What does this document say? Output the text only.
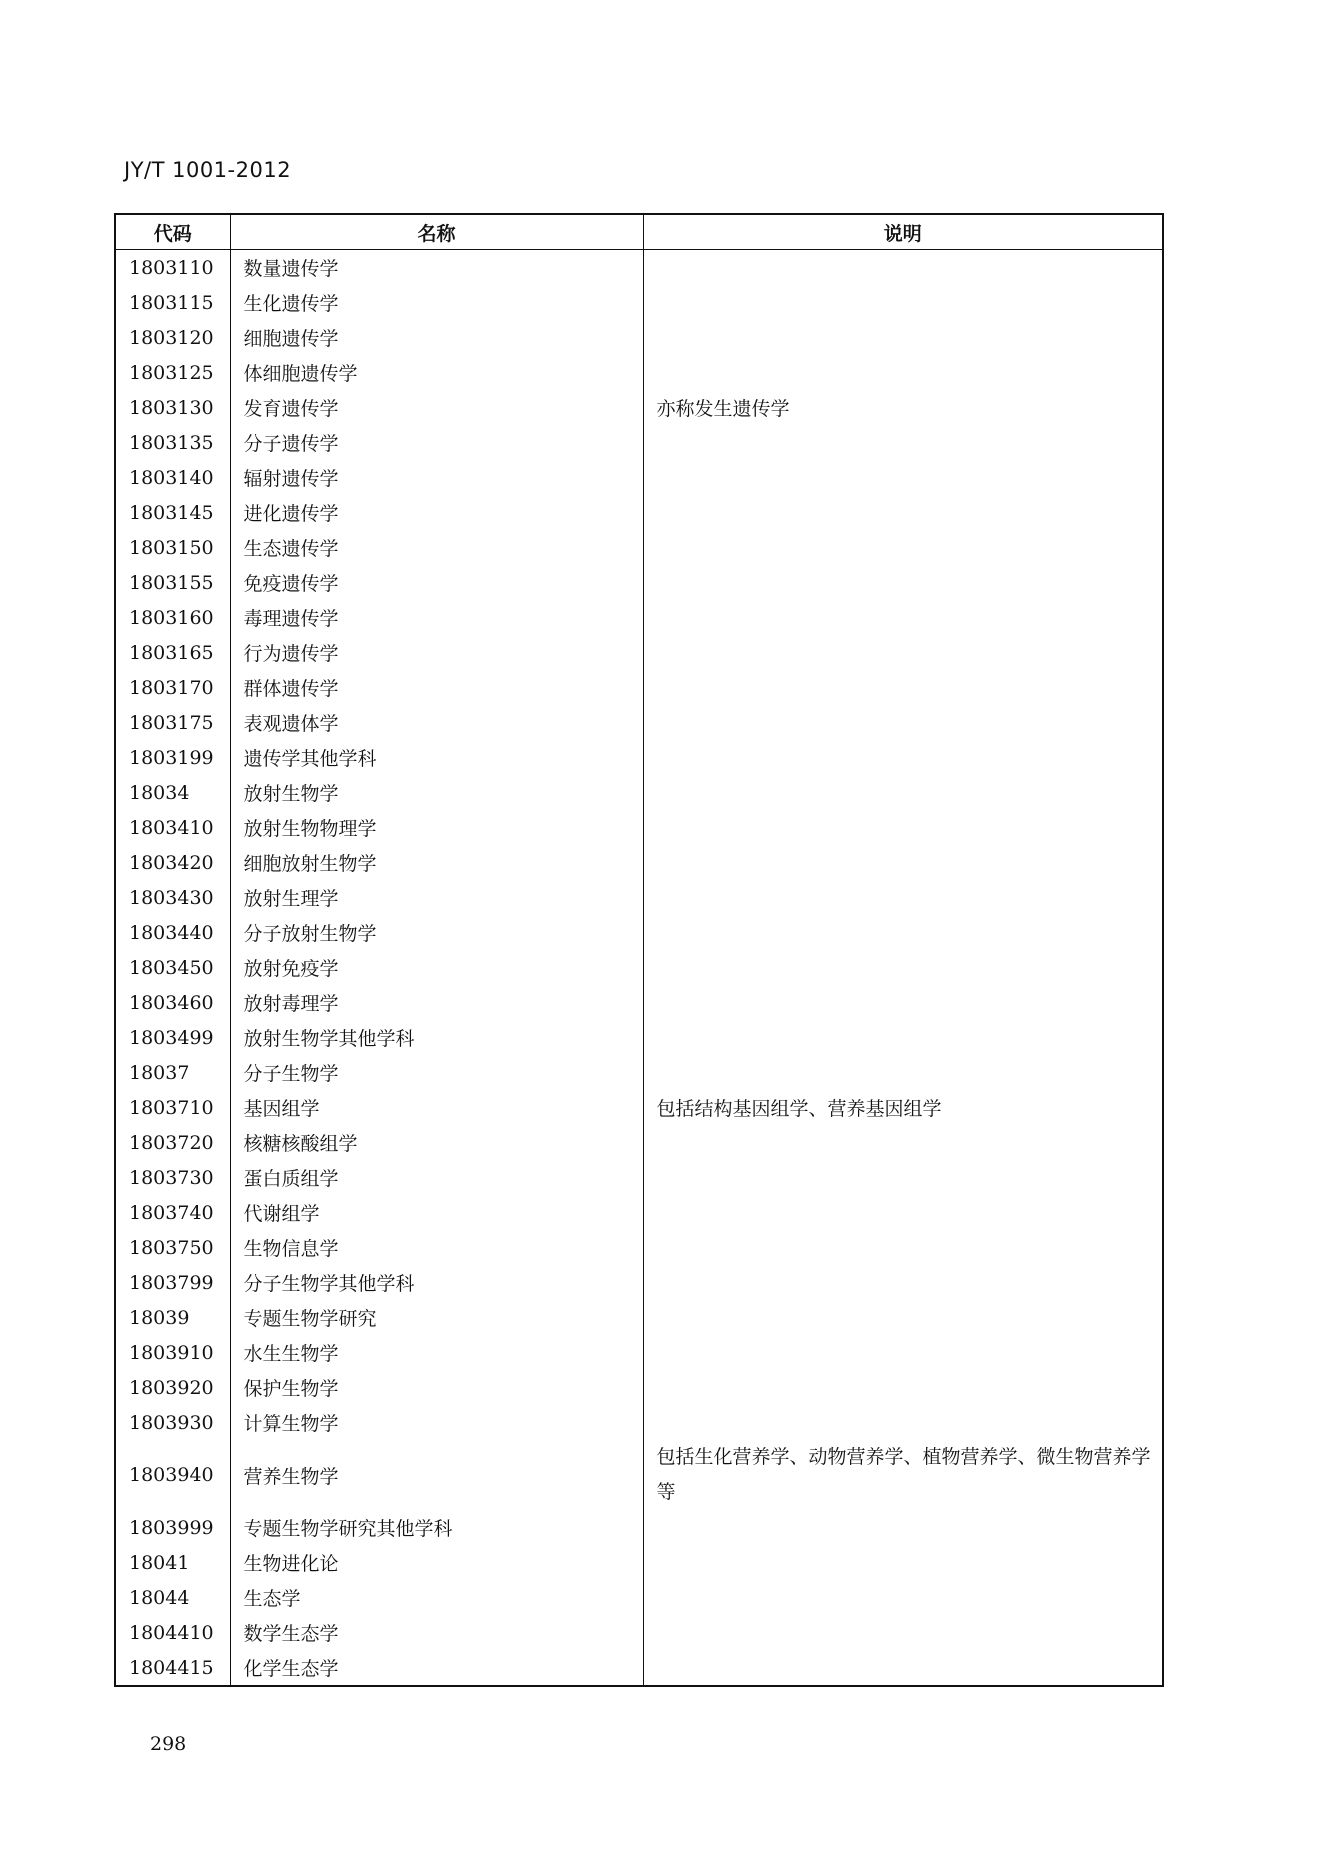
JY/T 1001-2012
代码	名称	说明
1803110	数量遗传学	
1803115	生化遗传学	
1803120	细胞遗传学	
1803125	体细胞遗传学	
1803130	发育遗传学	亦称发生遗传学
1803135	分子遗传学	
1803140	辐射遗传学	
1803145	进化遗传学	
1803150	生态遗传学	
1803155	免疫遗传学	
1803160	毒理遗传学	
1803165	行为遗传学	
1803170	群体遗传学	
1803175	表观遗体学	
1803199	遗传学其他学科	
18034	放射生物学	
1803410	放射生物物理学	
1803420	细胞放射生物学	
1803430	放射生理学	
1803440	分子放射生物学	
1803450	放射免疫学	
1803460	放射毒理学	
1803499	放射生物学其他学科	
18037	分子生物学	
1803710	基因组学	包括结构基因组学、营养基因组学
1803720	核糖核酸组学	
1803730	蛋白质组学	
1803740	代谢组学	
1803750	生物信息学	
1803799	分子生物学其他学科	
18039	专题生物学研究	
1803910	水生生物学	
1803920	保护生物学	
1803930	计算生物学	
1803940	营养生物学	包括生化营养学、动物营养学、植物营养学、微生物营养学等
1803999	专题生物学研究其他学科	
18041	生物进化论	
18044	生态学	
1804410	数学生态学	
1804415	化学生态学	
298
